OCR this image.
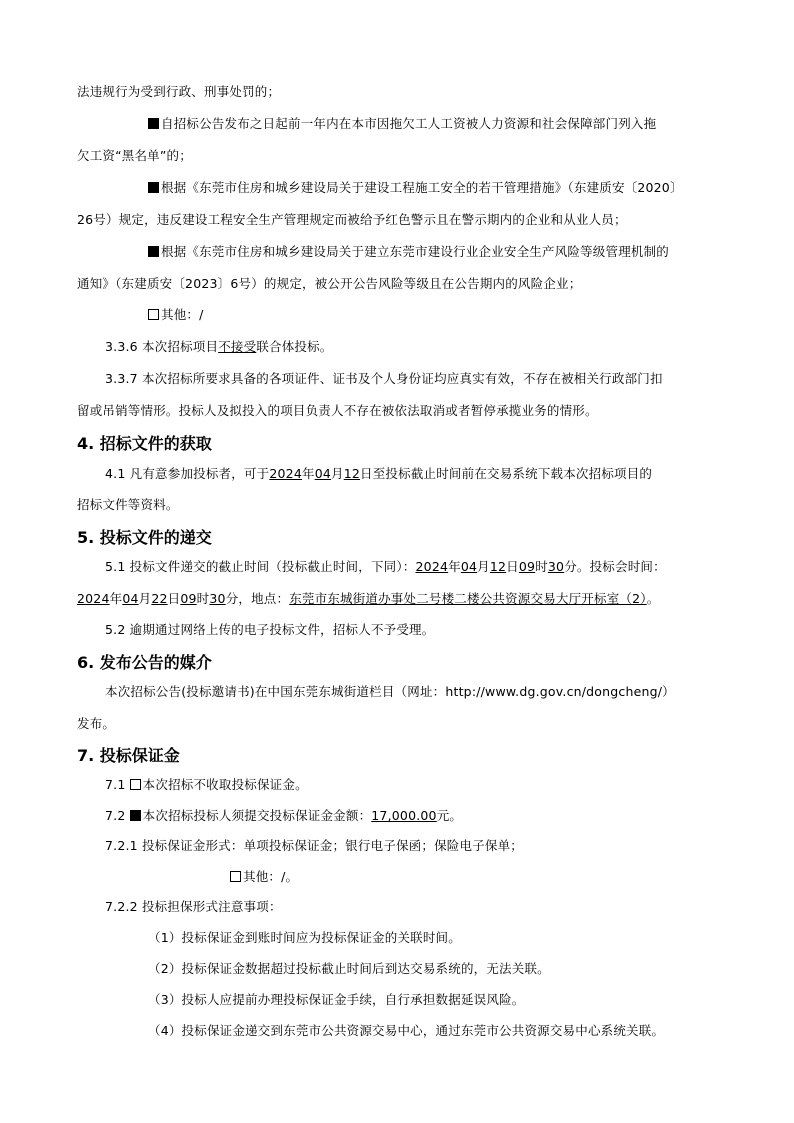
法违规行为受到行政、刑事处罚的；
自招标公告发布之日起前一年内在本市因拖欠工人工资被人力资源和社会保障部门列入拖
欠工资“黑名单”的；
根据《东莞市住房和城乡建设局关于建设工程施工安全的若干管理措施》（东建质安〔2020〕
26号）规定，违反建设工程安全生产管理规定而被给予红色警示且在警示期内的企业和从业人员；
根据《东莞市住房和城乡建设局关于建立东莞市建设行业企业安全生产风险等级管理机制的
通知》（东建质安〔2023〕6号）的规定，被公开公告风险等级且在公告期内的风险企业；
其他：/
3.3.6 本次招标项目不接受联合体投标。
3.3.7 本次招标所要求具备的各项证件、证书及个人身份证均应真实有效，不存在被相关行政部门扣
留或吊销等情形。投标人及拟投入的项目负责人不存在被依法取消或者暂停承揽业务的情形。
4. 招标文件的获取
4.1 凡有意参加投标者，可于2024年04月12日至投标截止时间前在交易系统下载本次招标项目的
招标文件等资料。
5. 投标文件的递交
5.1 投标文件递交的截止时间（投标截止时间，下同）：2024年04月12日09时30分。投标会时间：
2024年04月22日09时30分，地点：东莞市东城街道办事处二号楼二楼公共资源交易大厅开标室（2）。
5.2 逾期通过网络上传的电子投标文件，招标人不予受理。
6. 发布公告的媒介
本次招标公告(投标邀请书)在中国东莞东城街道栏目（网址：http://www.dg.gov.cn/dongcheng/）
发布。
7. 投标保证金
7.1 本次招标不收取投标保证金。
7.2 本次招标投标人须提交投标保证金金额：17,000.00元。
7.2.1 投标保证金形式：单项投标保证金；银行电子保函；保险电子保单；
其他：/。
7.2.2 投标担保形式注意事项：
（1）投标保证金到账时间应为投标保证金的关联时间。
（2）投标保证金数据超过投标截止时间后到达交易系统的，无法关联。
（3）投标人应提前办理投标保证金手续，自行承担数据延误风险。
（4）投标保证金递交到东莞市公共资源交易中心，通过东莞市公共资源交易中心系统关联。
